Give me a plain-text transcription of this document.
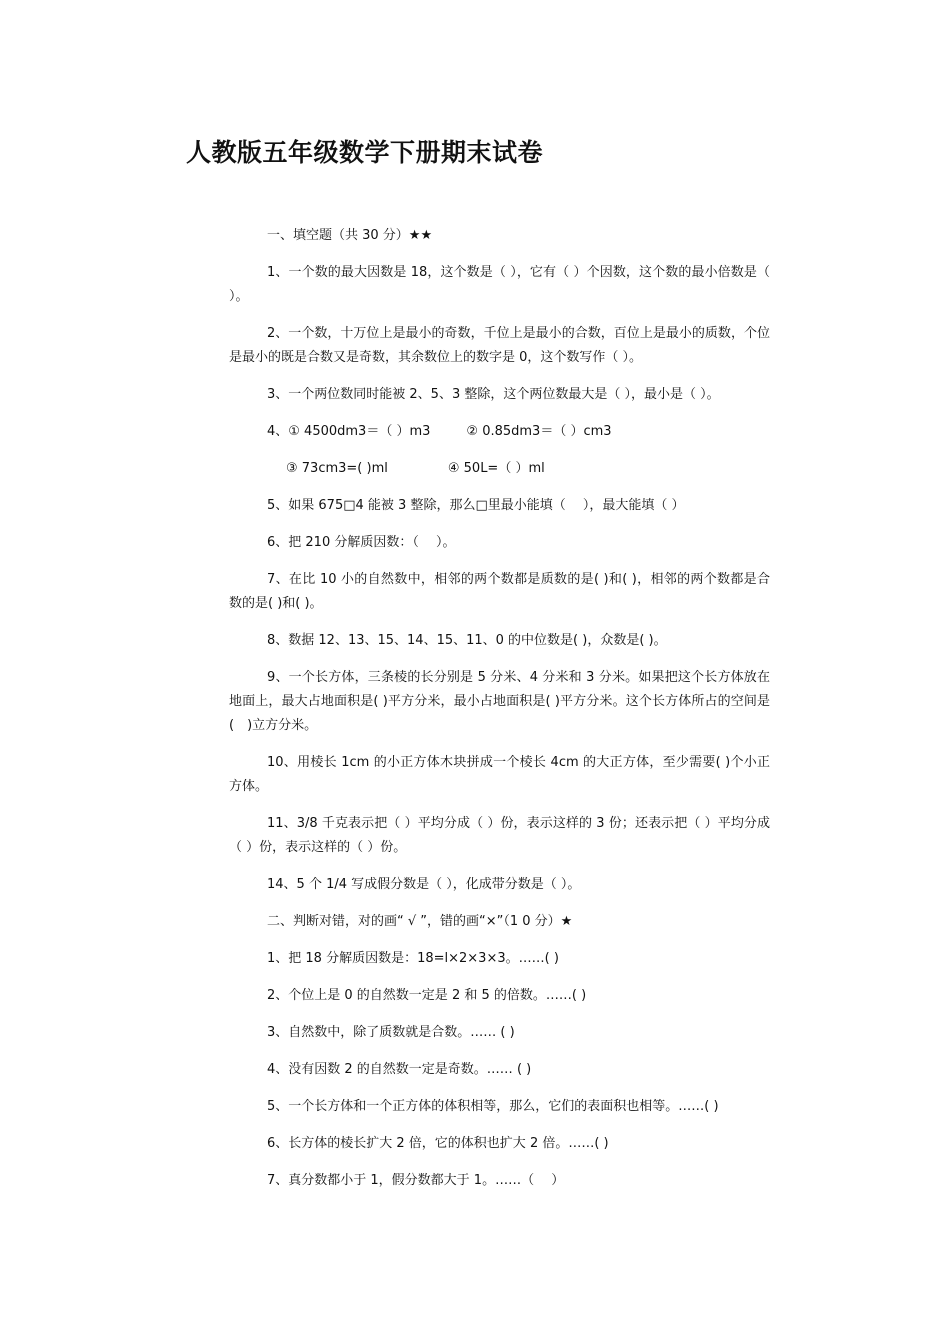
人教版五年级数学下册期末试卷
一、填空题（共 30 分）★★
1、一个数的最大因数是 18，这个数是（ ），它有（ ）个因数，这个数的最小倍数是（ ）。
2、一个数，十万位上是最小的奇数，千位上是最小的合数，百位上是最小的质数，个位是最小的既是合数又是奇数，其余数位上的数字是 0，这个数写作（ ）。
3、一个两位数同时能被 2、5、3 整除，这个两位数最大是（ ），最小是（ ）。
4、① 4500dm3＝（ ）m3	② 0.85dm3＝（ ）cm3
③ 73cm3=( )ml	④ 50L=（ ）ml
5、如果 675□4 能被 3 整除，那么□里最小能填（　 ），最大能填（ ）
6、把 210 分解质因数：（　 ）。
7、在比 10 小的自然数中，相邻的两个数都是质数的是( )和( )，相邻的两个数都是合数的是( )和( )。
8、数据 12、13、15、14、15、11、0 的中位数是( )，众数是( )。
9、一个长方体，三条棱的长分别是 5 分米、4 分米和 3 分米。如果把这个长方体放在地面上，最大占地面积是( )平方分米，最小占地面积是( )平方分米。这个长方体所占的空间是(　)立方分米。
10、用棱长 1cm 的小正方体木块拼成一个棱长 4cm 的大正方体，至少需要( )个小正方体。
11、3/8 千克表示把（ ）平均分成（ ）份，表示这样的 3 份；还表示把（ ）平均分成（ ）份，表示这样的（ ）份。
14、5 个 1/4 写成假分数是（ ），化成带分数是（ ）。
二、判断对错，对的画“ √ ”，错的画“×”（1 0 分）★
1、把 18 分解质因数是：18=l×2×3×3。……( )
2、个位上是 0 的自然数一定是 2 和 5 的倍数。……( )
3、自然数中，除了质数就是合数。…… ( )
4、没有因数 2 的自然数一定是奇数。…… ( )
5、一个长方体和一个正方体的体积相等，那么，它们的表面积也相等。……( )
6、长方体的棱长扩大 2 倍，它的体积也扩大 2 倍。……( )
7、真分数都小于 1，假分数都大于 1。……（　 ）
